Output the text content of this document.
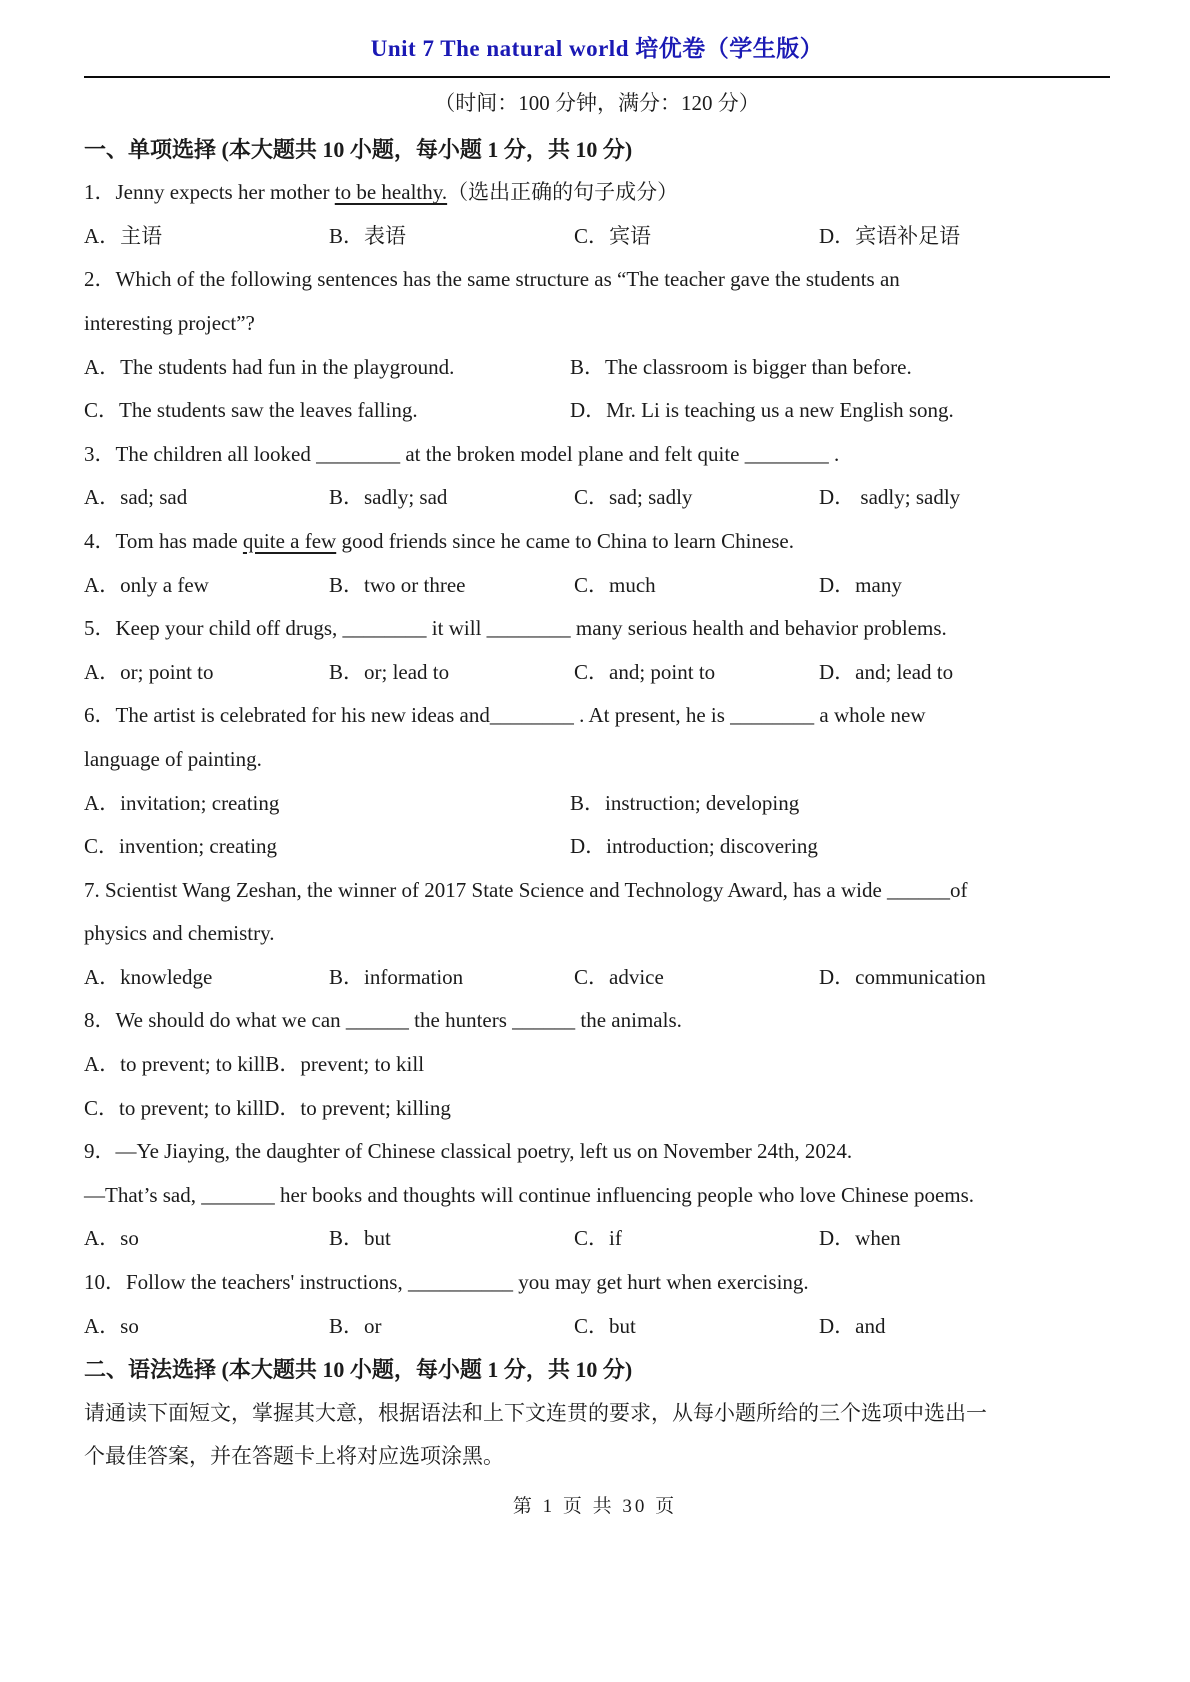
Unit 7 The natural world 培优卷（学生版）
（时间：100 分钟，满分：120 分）
一、单项选择 (本大题共 10 小题，每小题 1 分，共 10 分)
1．Jenny expects her mother to be healthy.（选出正确的句子成分）
A．主语	B．表语	C．宾语	D．宾语补足语
2．Which of the following sentences has the same structure as “The teacher gave the students an
interesting project”?
A．The students had fun in the playground.	B．The classroom is bigger than before.
C．The students saw the leaves falling.	D．Mr. Li is teaching us a new English song.
3．The children all looked ________ at the broken model plane and felt quite ________ .
A．sad; sad	B．sadly; sad	C．sad; sadly	D． sadly; sadly
4．Tom has made quite a few good friends since he came to China to learn Chinese.
A．only a few	B．two or three	C．much	D．many
5．Keep your child off drugs, ________ it will ________ many serious health and behavior problems.
A．or; point to	B．or; lead to	C．and; point to	D．and; lead to
6．The artist is celebrated for his new ideas and________ . At present, he is ________ a whole new
language of painting.
A．invitation; creating	B．instruction; developing
C．invention; creating	D．introduction; discovering
7. Scientist Wang Zeshan, the winner of 2017 State Science and Technology Award, has a wide ______of
physics and chemistry.
A．knowledge	B．information	C．advice	D．communication
8．We should do what we can ______ the hunters ______ the animals.
A．to prevent; to killB．prevent; to kill
C．to prevent; to killD．to prevent; killing
9．—Ye Jiaying, the daughter of Chinese classical poetry, left us on November 24th, 2024.
—That’s sad, _______ her books and thoughts will continue influencing people who love Chinese poems.
A．so	B．but	C．if	D．when
10．Follow the teachers' instructions, __________ you may get hurt when exercising.
A．so	B．or	C．but	D．and
二、语法选择 (本大题共 10 小题，每小题 1 分，共 10 分)
请通读下面短文，掌握其大意，根据语法和上下文连贯的要求，从每小题所给的三个选项中选出一
个最佳答案，并在答题卡上将对应选项涂黑。
第 1 页 共 30 页
